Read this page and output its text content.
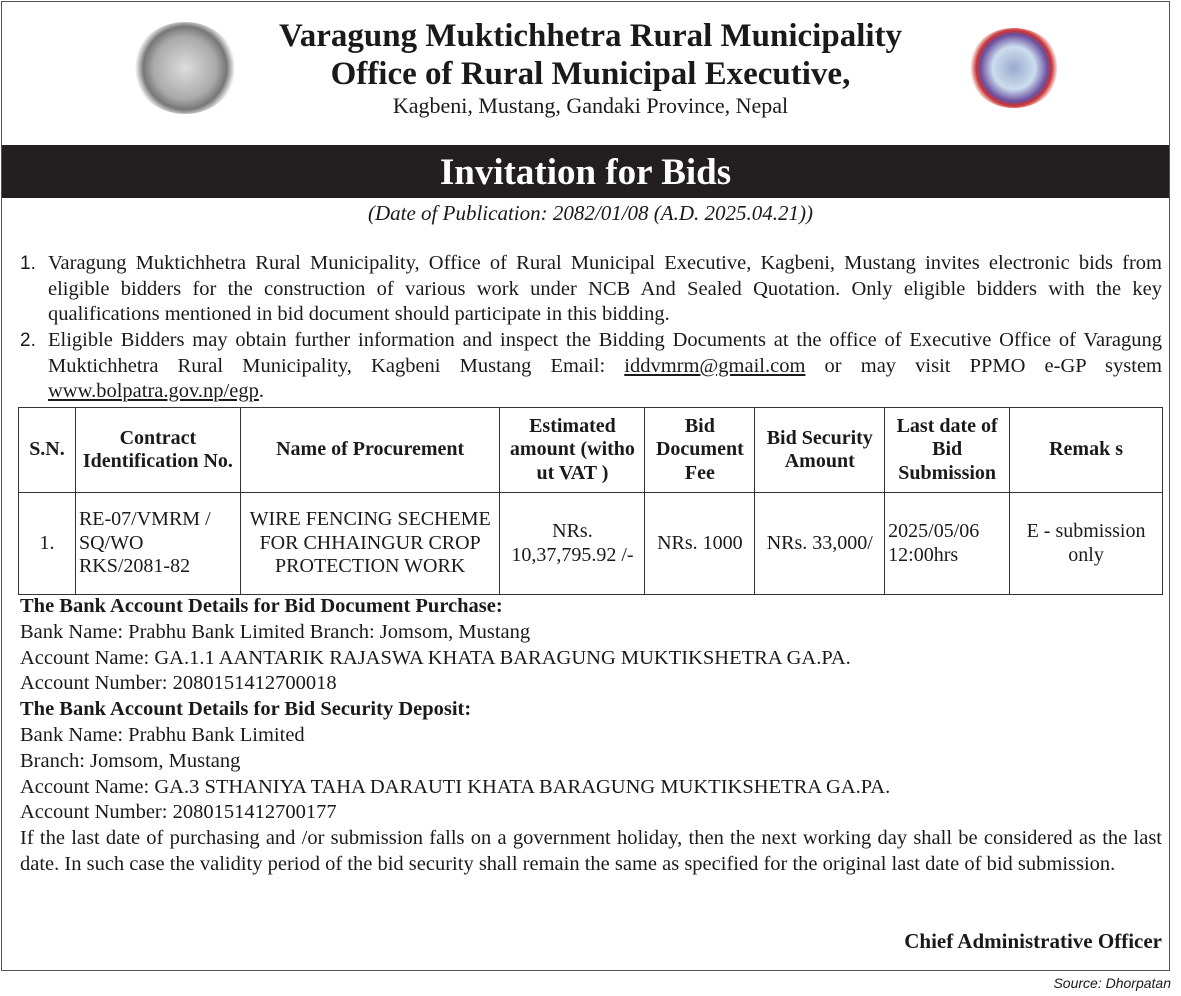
Varagung Muktichhetra Rural Municipality
Office of Rural Municipal Executive,
Kagbeni, Mustang, Gandaki Province, Nepal
Invitation for Bids
(Date of Publication: 2082/01/08 (A.D. 2025.04.21))
1. Varagung Muktichhetra Rural Municipality, Office of Rural Municipal Executive, Kagbeni, Mustang invites electronic bids from eligible bidders for the construction of various work under NCB And Sealed Quotation. Only eligible bidders with the key qualifications mentioned in bid document should participate in this bidding.
2. Eligible Bidders may obtain further information and inspect the Bidding Documents at the office of Executive Office of Varagung Muktichhetra Rural Municipality, Kagbeni Mustang Email: iddvmrm@gmail.com or may visit PPMO e-GP system www.bolpatra.gov.np/egp.
S.N.	Contract Identification No.	Name of Procurement	Estimated amount (witho ut VAT )	Bid Document Fee	Bid Security Amount	Last date of Bid Submission	Remak s
1.	RE-07/VMRM / SQ/WO RKS/2081-82	WIRE FENCING SECHEME FOR CHHAINGUR CROP PROTECTION WORK	NRs. 10,37,795.92 /-	NRs. 1000	NRs. 33,000/	2025/05/06 12:00hrs	E - submission only
The Bank Account Details for Bid Document Purchase:
Bank Name: Prabhu Bank Limited Branch: Jomsom, Mustang
Account Name: GA.1.1 AANTARIK RAJASWA KHATA BARAGUNG MUKTIKSHETRA GA.PA.
Account Number: 2080151412700018
The Bank Account Details for Bid Security Deposit:
Bank Name: Prabhu Bank Limited
Branch: Jomsom, Mustang
Account Name: GA.3 STHANIYA TAHA DARAUTI KHATA BARAGUNG MUKTIKSHETRA GA.PA.
Account Number: 2080151412700177
If the last date of purchasing and /or submission falls on a government holiday, then the next working day shall be considered as the last date. In such case the validity period of the bid security shall remain the same as specified for the original last date of bid submission.
Chief Administrative Officer
Source: Dhorpatan
